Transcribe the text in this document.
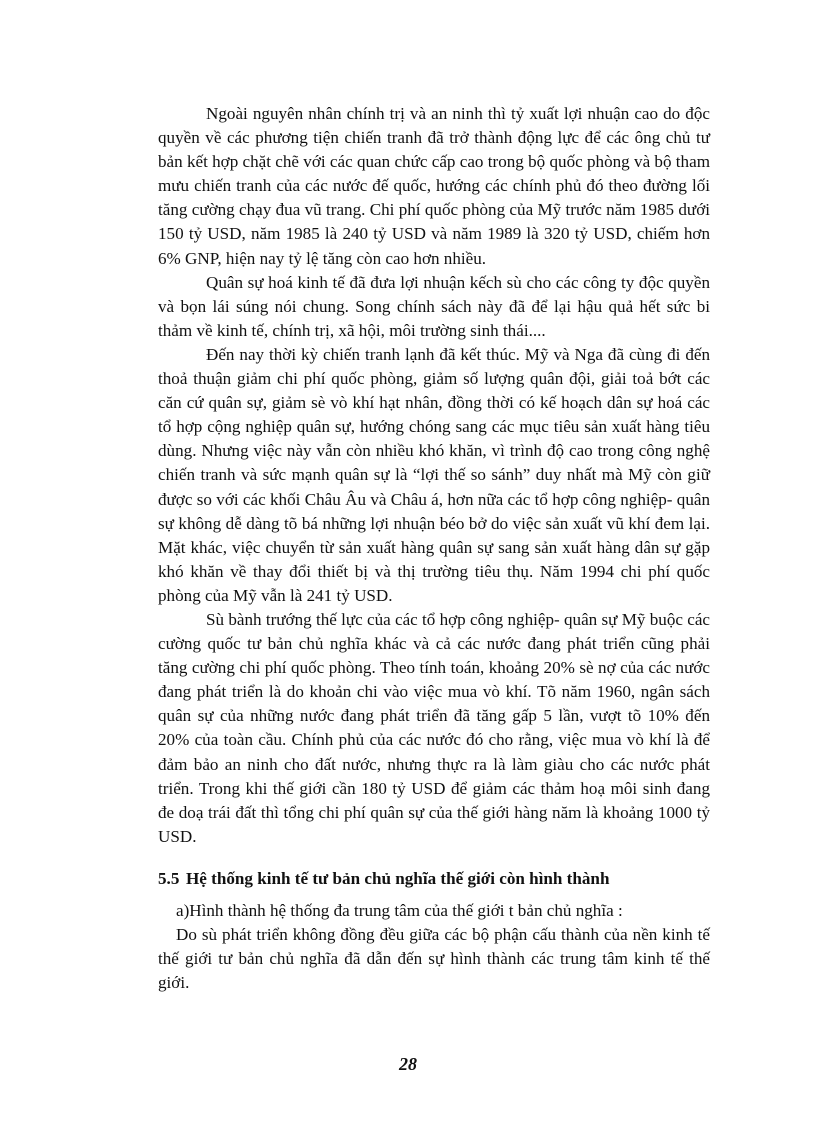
Ngoài nguyên nhân chính trị và an ninh thì tỷ xuất lợi nhuận cao do độc quyền về các phương tiện chiến tranh đã trở thành động lực để các ông chủ tư bản kết hợp chặt chẽ với các quan chức cấp cao trong bộ quốc phòng và bộ tham mưu chiến tranh của các nước đế quốc, hướng các chính phủ đó theo đường lối tăng cường chạy đua vũ trang. Chi phí quốc phòng của Mỹ trước năm 1985 dưới 150 tỷ USD, năm 1985 là 240 tỷ USD và năm 1989 là 320 tỷ USD, chiếm hơn 6% GNP, hiện nay tỷ lệ tăng còn cao hơn nhiều.

Quân sự hoá kinh tế đã đưa lợi nhuận kếch sù cho các công ty độc quyền và bọn lái súng nói chung. Song chính sách này đã để lại hậu quả hết sức bi thảm về kinh tế, chính trị, xã hội, môi trường sinh thái....

Đến nay thời kỳ chiến tranh lạnh đã kết thúc. Mỹ và Nga đã cùng đi đến thoả thuận giảm chi phí quốc phòng, giảm số lượng quân đội, giải toả bớt các căn cứ quân sự, giảm sè vò khí hạt nhân, đồng thời có kế hoạch dân sự hoá các tổ hợp cộng nghiệp quân sự, hướng chóng sang các mục tiêu sản xuất hàng tiêu dùng. Nhưng việc này vẫn còn nhiều khó khăn, vì trình độ cao trong công nghệ chiến tranh và sức mạnh quân sự là “lợi thế so sánh” duy nhất mà Mỹ còn giữ được so với các khối Châu Âu và Châu á, hơn nữa các tổ hợp công nghiệp- quân sự không dễ dàng tõ bá những lợi nhuận béo bở do việc sản xuất vũ khí đem lại. Mặt khác, việc chuyển từ sản xuất hàng quân sự sang sản xuất hàng dân sự gặp khó khăn về thay đổi thiết bị và thị trường tiêu thụ. Năm 1994 chi phí quốc phòng của Mỹ vẫn là 241 tỷ USD.

Sù bành trướng thế lực của các tổ hợp công nghiệp- quân sự Mỹ buộc các cường quốc tư bản chủ nghĩa khác và cả các nước đang phát triển cũng phải tăng cường chi phí quốc phòng. Theo tính toán, khoảng 20% sè nợ của các nước đang phát triển là do khoản chi vào việc mua vò khí. Tõ năm 1960, ngân sách quân sự của những nước đang phát triển đã tăng gấp 5 lần, vượt tõ 10% đến 20% của toàn cầu. Chính phủ của các nước đó cho rằng, việc mua vò khí là để đảm bảo an ninh cho đất nước, nhưng thực ra là làm giàu cho các nước phát triển. Trong khi thế giới cần 180 tỷ USD để giảm các thảm hoạ môi sinh đang đe doạ trái đất thì tổng chi phí quân sự của thế giới hàng năm là khoảng 1000 tỷ USD.

5.5 Hệ thống kinh tế tư bản chủ nghĩa thế giới còn hình thành

a)Hình thành hệ thống đa trung tâm của thế giới t bản chủ nghĩa :

Do sù phát triển không đồng đều giữa các bộ phận cấu thành của nền kinh tế thế giới tư bản chủ nghĩa đã dẫn đến sự hình thành các trung tâm kinh tế thế giới.

28
